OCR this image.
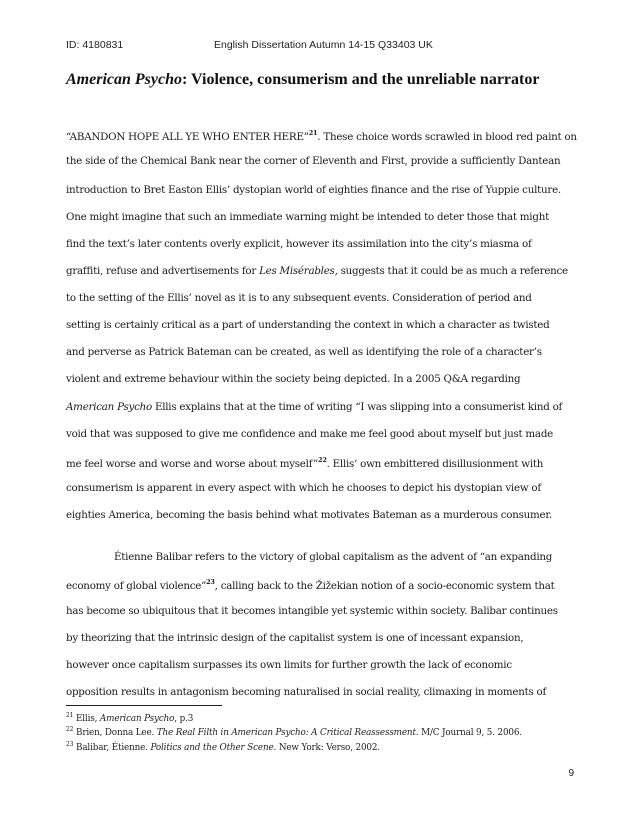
ID: 4180831	English Dissertation Autumn 14-15 Q33403 UK
American Psycho: Violence, consumerism and the unreliable narrator
“ABANDON HOPE ALL YE WHO ENTER HERE”$^{21}$. These choice words scrawled in blood red paint on
the side of the Chemical Bank near the corner of Eleventh and First, provide a sufficiently Dantean
introduction to Bret Easton Ellis’ dystopian world of eighties finance and the rise of Yuppie culture.
One might imagine that such an immediate warning might be intended to deter those that might
find the text’s later contents overly explicit, however its assimilation into the city’s miasma of
graffiti, refuse and advertisements for Les Misérables, suggests that it could be as much a reference
to the setting of the Ellis’ novel as it is to any subsequent events. Consideration of period and
setting is certainly critical as a part of understanding the context in which a character as twisted
and perverse as Patrick Bateman can be created, as well as identifying the role of a character’s
violent and extreme behaviour within the society being depicted. In a 2005 Q&A regarding
American Psycho Ellis explains that at the time of writing “I was slipping into a consumerist kind of
void that was supposed to give me confidence and make me feel good about myself but just made
me feel worse and worse and worse about myself”$^{22}$. Ellis’ own embittered disillusionment with
consumerism is apparent in every aspect with which he chooses to depict his dystopian view of
eighties America, becoming the basis behind what motivates Bateman as a murderous consumer.
Étienne Balibar refers to the victory of global capitalism as the advent of “an expanding
economy of global violence”$^{23}$, calling back to the Žižekian notion of a socio-economic system that
has become so ubiquitous that it becomes intangible yet systemic within society. Balibar continues
by theorizing that the intrinsic design of the capitalist system is one of incessant expansion,
however once capitalism surpasses its own limits for further growth the lack of economic
opposition results in antagonism becoming naturalised in social reality, climaxing in moments of
$^{21}$ Ellis, American Psycho, p.3
$^{22}$ Brien, Donna Lee. The Real Filth in American Psycho: A Critical Reassessment. M/C Journal 9, 5. 2006.
$^{23}$ Balibar, Étienne. Politics and the Other Scene. New York: Verso, 2002.
9
